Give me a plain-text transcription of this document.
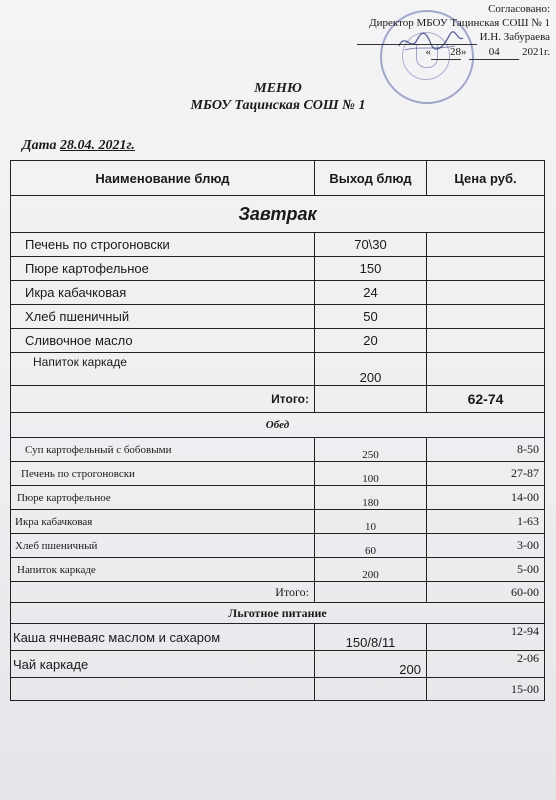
Согласовано:
Директор МБОУ Тацинская СОШ № 1
И.Н. Забураева
« 28» 04 2021г.
МЕНЮ
МБОУ Тацинская СОШ № 1
Дата 28.04. 2021г.
Наименование блюд	Выход блюд	Цена руб.
Завтрак		
Печень по строгоновски	70\30	
Пюре картофельное	150	
Икра кабачковая	24	
Хлеб пшеничный	50	
Сливочное масло	20	
Напиток каркаде	200	
Итого:		62-74
Обед		
Суп картофельный с бобовыми	250	8-50
Печень по строгоновски	100	27-87
Пюре картофельное	180	14-00
Икра кабачковая	10	1-63
Хлеб пшеничный	60	3-00
Напиток каркаде	200	5-00
Итого:		60-00
Льготное питание		
Каша ячневаяс маслом и сахаром	150/8/11	12-94
Чай каркаде	200	2-06
		15-00
